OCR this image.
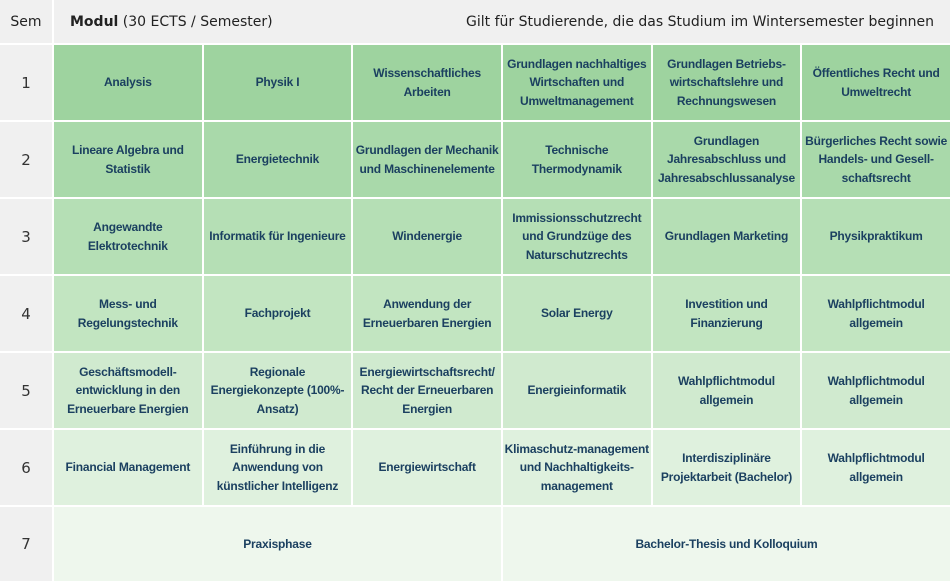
Sem	Modul (30 ECTS / Semester) Gilt für Studierende, die das Studium im Wintersemester beginnen					

1	Analysis	Physik I	Wissenschaftliches Arbeiten	Grundlagen nachhaltiges Wirtschaften und Umweltmanagement	Grundlagen Betriebs-wirtschaftslehre und Rechnungswesen	Öffentliches Recht und Umweltrecht
2	Lineare Algebra und Statistik	Energietechnik	Grundlagen der Mechanik und Maschinenelemente	Technische Thermodynamik	Grundlagen Jahresabschluss und Jahresabschlussanalyse	Bürgerliches Recht sowie Handels- und Gesell-schaftsrecht
3	Angewandte Elektrotechnik	Informatik für Ingenieure	Windenergie	Immissionsschutzrecht und Grundzüge des Naturschutzrechts	Grundlagen Marketing	Physikpraktikum
4	Mess- und Regelungstechnik	Fachprojekt	Anwendung der Erneuerbaren Energien	Solar Energy	Investition und Finanzierung	Wahlpflichtmodul allgemein
5	Geschäftsmodell-entwicklung in den Erneuerbare Energien	Regionale Energiekonzepte (100%-Ansatz)	Energiewirtschaftsrecht/ Recht der Erneuerbaren Energien	Energieinformatik	Wahlpflichtmodul allgemein	Wahlpflichtmodul allgemein
6	Financial Management	Einführung in die Anwendung von künstlicher Intelligenz	Energiewirtschaft	Klimaschutz-management und Nachhaltigkeits-management	Interdisziplinäre Projektarbeit (Bachelor)	Wahlpflichtmodul allgemein
7	Praxisphase			Bachelor-Thesis und Kolloquium		
